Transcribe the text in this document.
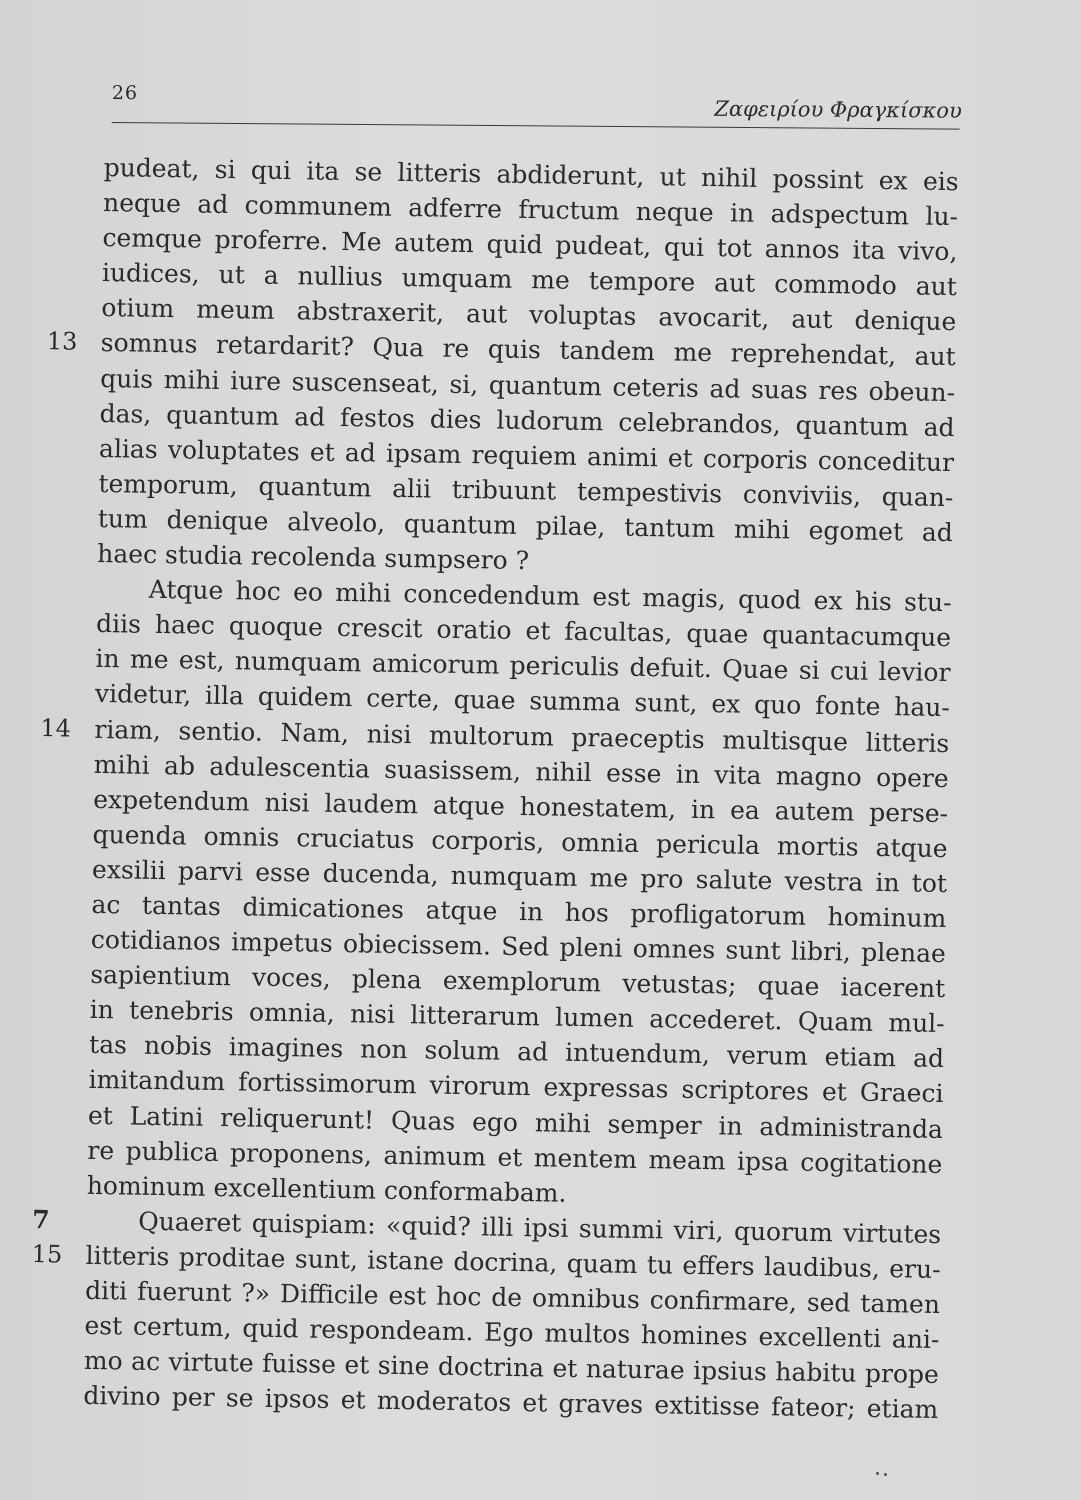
26
Ζαφειρίου Φραγκίσκου
pudeat, si qui ita se litteris abdiderunt, ut nihil possint ex eis
neque ad communem adferre fructum neque in adspectum lu-
cemque proferre. Me autem quid pudeat, qui tot annos ita vivo,
iudices, ut a nullius umquam me tempore aut commodo aut
otium meum abstraxerit, aut voluptas avocarit, aut denique
13 somnus retardarit? Qua re quis tandem me reprehendat, aut
quis mihi iure suscenseat, si, quantum ceteris ad suas res obeun-
das, quantum ad festos dies ludorum celebrandos, quantum ad
alias voluptates et ad ipsam requiem animi et corporis conceditur
temporum, quantum alii tribuunt tempestivis conviviis, quan-
tum denique alveolo, quantum pilae, tantum mihi egomet ad
haec studia recolenda sumpsero ?
Atque hoc eo mihi concedendum est magis, quod ex his stu-
diis haec quoque crescit oratio et facultas, quae quantacumque
in me est, numquam amicorum periculis defuit. Quae si cui levior
videtur, illa quidem certe, quae summa sunt, ex quo fonte hau-
14 riam, sentio. Nam, nisi multorum praeceptis multisque litteris
mihi ab adulescentia suasissem, nihil esse in vita magno opere
expetendum nisi laudem atque honestatem, in ea autem perse-
quenda omnis cruciatus corporis, omnia pericula mortis atque
exsilii parvi esse ducenda, numquam me pro salute vestra in tot
ac tantas dimicationes atque in hos profligatorum hominum
cotidianos impetus obiecissem. Sed pleni omnes sunt libri, plenae
sapientium voces, plena exemplorum vetustas; quae iacerent
in tenebris omnia, nisi litterarum lumen accederet. Quam mul-
tas nobis imagines non solum ad intuendum, verum etiam ad
imitandum fortissimorum virorum expressas scriptores et Graeci
et Latini reliquerunt! Quas ego mihi semper in administranda
re publica proponens, animum et mentem meam ipsa cogitatione
hominum excellentium conformabam.
7	Quaeret quispiam: «quid? illi ipsi summi viri, quorum virtutes
15 litteris proditae sunt, istane docrina, quam tu effers laudibus, eru-
diti fuerunt ?» Difficile est hoc de omnibus confirmare, sed tamen
est certum, quid respondeam. Ego multos homines excellenti ani-
mo ac virtute fuisse et sine doctrina et naturae ipsius habitu prope
divino per se ipsos et moderatos et graves extitisse fateor; etiam
